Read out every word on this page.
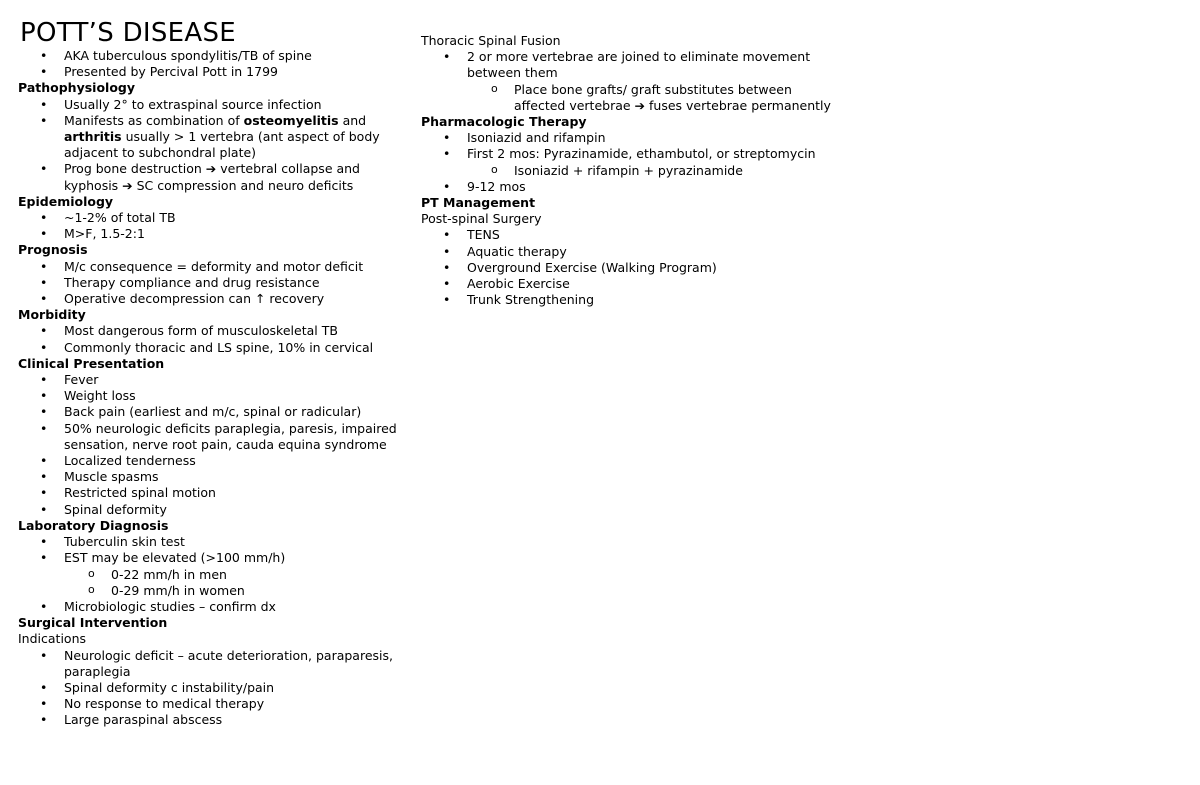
POTT’S DISEASE
• AKA tuberculous spondylitis/TB of spine
• Presented by Percival Pott in 1799
Pathophysiology
• Usually 2° to extraspinal source infection
• Manifests as combination of osteomyelitis and arthritis usually > 1 vertebra (ant aspect of body adjacent to subchondral plate)
• Prog bone destruction ➔ vertebral collapse and kyphosis ➔ SC compression and neuro deficits
Epidemiology
• ~1-2% of total TB
• M>F, 1.5-2:1
Prognosis
• M/c consequence = deformity and motor deficit
• Therapy compliance and drug resistance
• Operative decompression can ↑ recovery
Morbidity
• Most dangerous form of musculoskeletal TB
• Commonly thoracic and LS spine, 10% in cervical
Clinical Presentation
• Fever
• Weight loss
• Back pain (earliest and m/c, spinal or radicular)
• 50% neurologic deficits paraplegia, paresis, impaired sensation, nerve root pain, cauda equina syndrome
• Localized tenderness
• Muscle spasms
• Restricted spinal motion
• Spinal deformity
Laboratory Diagnosis
• Tuberculin skin test
• EST may be elevated (>100 mm/h)
o 0-22 mm/h in men
o 0-29 mm/h in women
• Microbiologic studies – confirm dx
Surgical Intervention
Indications
• Neurologic deficit – acute deterioration, paraparesis, paraplegia
• Spinal deformity c instability/pain
• No response to medical therapy
• Large paraspinal abscess
Thoracic Spinal Fusion
• 2 or more vertebrae are joined to eliminate movement between them
o Place bone grafts/ graft substitutes between affected vertebrae ➔ fuses vertebrae permanently
Pharmacologic Therapy
• Isoniazid and rifampin
• First 2 mos: Pyrazinamide, ethambutol, or streptomycin
o Isoniazid + rifampin + pyrazinamide
• 9-12 mos
PT Management
Post-spinal Surgery
• TENS
• Aquatic therapy
• Overground Exercise (Walking Program)
• Aerobic Exercise
• Trunk Strengthening
